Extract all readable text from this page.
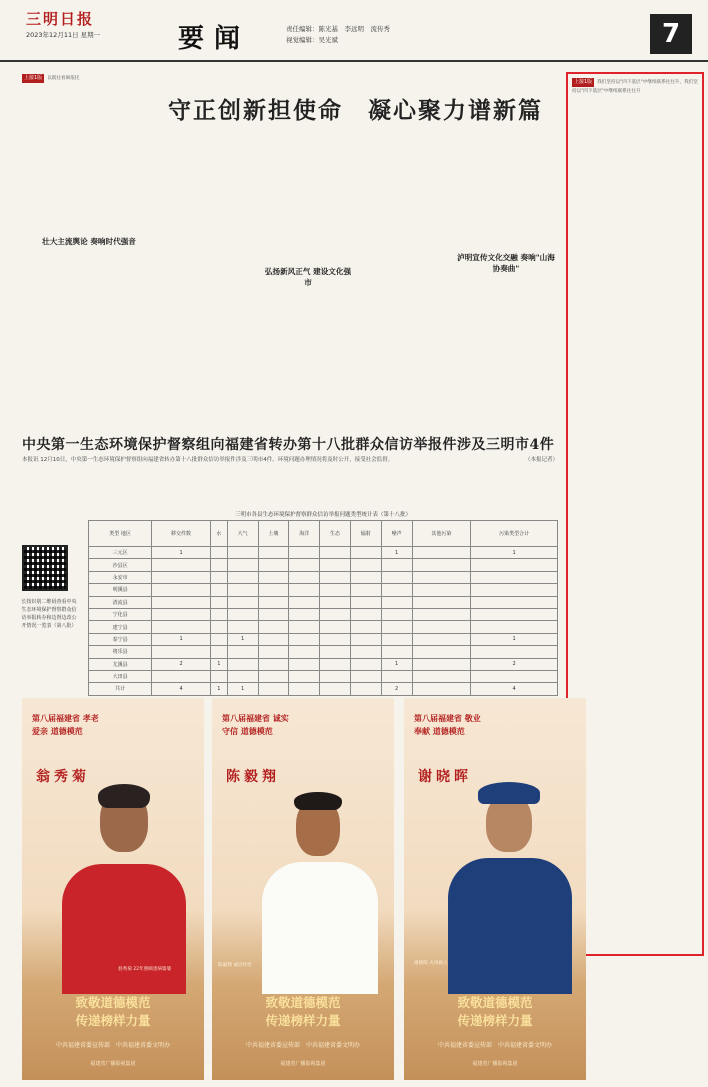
三明日报
2023年12月11日 星期一	要闻	责任编辑：陈光基　李远明　流传秀
视觉编辑：吴光斌	7
上接1版 以既往看闽依托
壮大主流舆论 奏响时代强音
守正创新担使命　凝心聚力谱新篇
弘扬新风正气 建设文化强市
泸明宣传文化交融 奏响"山海协奏曲"
上接1版 我们坚持以"四下基层"中继续联系往往升，我们坚持以"四下基层"中继续联系往往升
中央第一生态环境保护督察组向福建省转办第十八批群众信访举报件涉及三明市4件
本报讯 12月10日，中央第一生态环境保护督察组向福建省转办第十八批群众信访举报件涉及三明市4件。环境问题办理情况将及时公开，接受社会监督。	（本报记者）
长按识别二维码查看中央生态环境保护督察群众信访举报转办和边督边改公开情况一览表（第八批）
三明市各县生态环境保护督察群众信访举报问题类型统计表（第十八批）
类型 地区	移交件数	水	大气	土壤	海洋	生态	辐射	噪声	其他污染	污染类型合计
三元区	1							1		1
沙县区										
永安市										
明溪县										
清流县										
宁化县										
建宁县										
泰宁县	1		1							1
将乐县										
尤溪县	2	1						1		2
大田县										
共计	4	1	1					2		4
第八届福建省 孝老爱亲 道德模范
翁秀菊
致敬道德模范
传递榜样力量
中共福建省委宣传部　中共福建省委文明办
福建省广播影视集团
翁秀菊 22年照顾患病婆婆
第八届福建省 诚实守信 道德模范
陈毅翔
致敬道德模范
传递榜样力量
中共福建省委宣传部　中共福建省委文明办
福建省广播影视集团
陈毅翔 诚信经营
第八届福建省 敬业奉献 道德模范
谢晓晖
致敬道德模范
传递榜样力量
中共福建省委宣传部　中共福建省委文明办
福建省广播影视集团
谢晓晖 火场救人
